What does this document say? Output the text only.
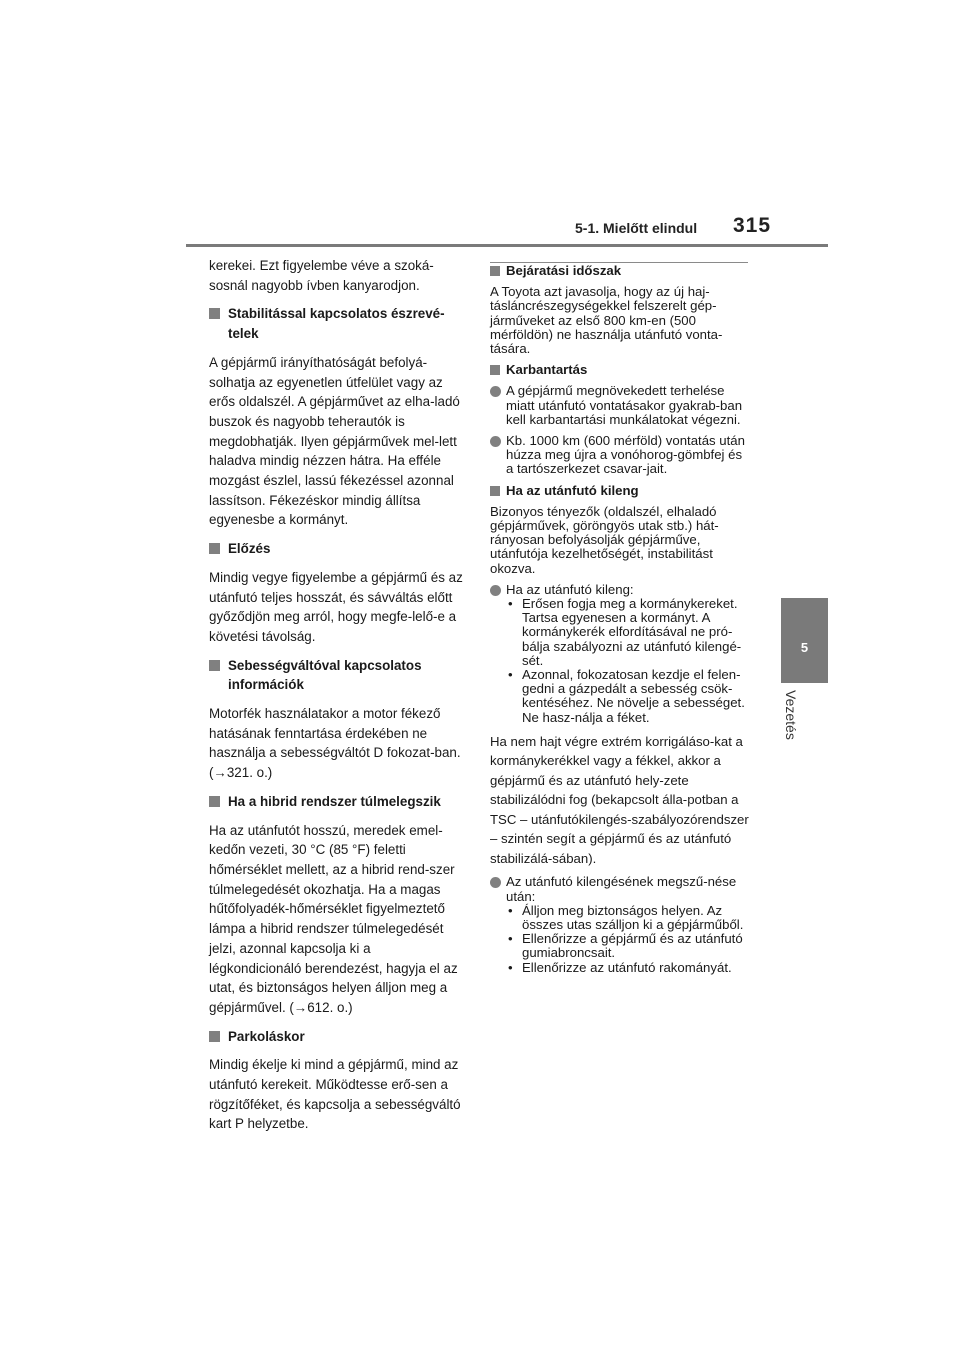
5-1. Mielőtt elindul 315
5
Vezetés

kerekei. Ezt figyelembe véve a szoká-sosnál nagyobb ívben kanyarodjon.

Stabilitással kapcsolatos észrevé-telek

A gépjármű irányíthatóságát befolyá-solhatja az egyenetlen útfelület vagy az erős oldalszél. A gépjárművet az elha-ladó buszok és nagyobb teherautók is megdobhatják. Ilyen gépjárművek mel-lett haladva mindig nézzen hátra. Ha efféle mozgást észlel, lassú fékezéssel azonnal lassítson. Fékezéskor mindig állítsa egyenesbe a kormányt.

Előzés

Mindig vegye figyelembe a gépjármű és az utánfutó teljes hosszát, és sávváltás előtt győződjön meg arról, hogy megfe-lelő-e a követési távolság.

Sebességváltóval kapcsolatos információk

Motorfék használatakor a motor fékező hatásának fenntartása érdekében ne használja a sebességváltót D fokozat-ban. (→321. o.)

Ha a hibrid rendszer túlmelegszik

Ha az utánfutót hosszú, meredek emel-kedőn vezeti, 30 °C (85 °F) feletti hőmérséklet mellett, az a hibrid rend-szer túlmelegedését okozhatja. Ha a magas hűtőfolyadék-hőmérséklet figyelmeztető lámpa a hibrid rendszer túlmelegedését jelzi, azonnal kapcsolja ki a légkondicionáló berendezést, hagyja el az utat, és biztonságos helyen álljon meg a gépjárművel. (→612. o.)

Parkoláskor

Mindig ékelje ki mind a gépjármű, mind az utánfutó kerekeit. Működtesse erő-sen a rögzítőféket, és kapcsolja a sebességváltó kart P helyzetbe.

Bejáratási időszak

A Toyota azt javasolja, hogy az új haj-tásláncrészegységekkel felszerelt gép-járműveket az első 800 km-en (500 mérföldön) ne használja utánfutó vonta-tására.

Karbantartás
A gépjármű megnövekedett terhelése miatt utánfutó vontatásakor gyakrab-ban kell karbantartási munkálatokat végezni.
Kb. 1000 km (600 mérföld) vontatás után húzza meg újra a vonóhorog-gömbfej és a tartószerkezet csavar-jait.
Ha az utánfutó kileng

Bizonyos tényezők (oldalszél, elhaladó gépjárművek, göröngyös utak stb.) hát-rányosan befolyásolják gépjárműve, utánfutója kezelhetőségét, instabilitást okozva.

Ha az utánfutó kileng:
• Erősen fogja meg a kormánykereket. Tartsa egyenesen a kormányt. A kormánykerék elfordításával ne pró-bálja szabályozni az utánfutó kilengé-sét.
• Azonnal, fokozatosan kezdje el felen-gedni a gázpedált a sebesség csök-kentéséhez. Ne növelje a sebességet. Ne hasz-nálja a féket.

Ha nem hajt végre extrém korrigáláso-kat a kormánykerékkel vagy a fékkel, akkor a gépjármű és az utánfutó hely-zete stabilizálódni fog (bekapcsolt álla-potban a TSC – utánfutókilengés-szabályozórendszer – szintén segít a gépjármű és az utánfutó stabilizálá-sában).

Az utánfutó kilengésének megszű-nése után:
• Álljon meg biztonságos helyen. Az összes utas szálljon ki a gépjárműből.
• Ellenőrizze a gépjármű és az utánfutó gumiabroncsait.
• Ellenőrizze az utánfutó rakományát.
